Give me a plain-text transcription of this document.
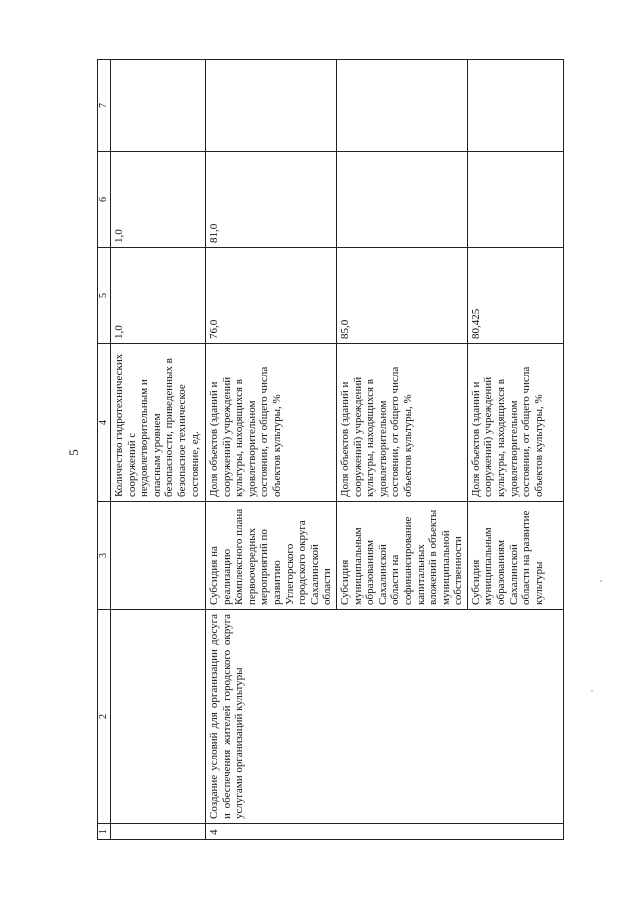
5
1	2	3	4	5	6	7
			Количество гидротехнических сооружений с неудовлетворительным и опасным уровнем безопасности, приведенных в безопасное техническое состояние, ед.	1,0	1,0	
4	Создание условий для организации досуга и обеспечения жителей городского округа услугами организаций культуры	Субсидия на реализацию Комплексного плана первоочередных мероприятий по развитию Углегорского городского округа Сахалинской области	Доля объектов (зданий и сооружений) учреждений культуры, находящихся в удовлетворительном состоянии, от общего числа объектов культуры, %	76,0	81,0	
		Субсидия муниципальным образованиям Сахалинской области на софинансирование капитальных вложений в объекты муниципальной собственности	Доля объектов (зданий и сооружений) учреждений культуры, находящихся в удовлетворительном состоянии, от общего числа объектов культуры, %	85,0		
		Субсидия муниципальным образованиям Сахалинской области на развитие культуры	Доля объектов (зданий и сооружений) учреждений культуры, находящихся в удовлетворительном состоянии, от общего числа объектов культуры, %	80,425		
